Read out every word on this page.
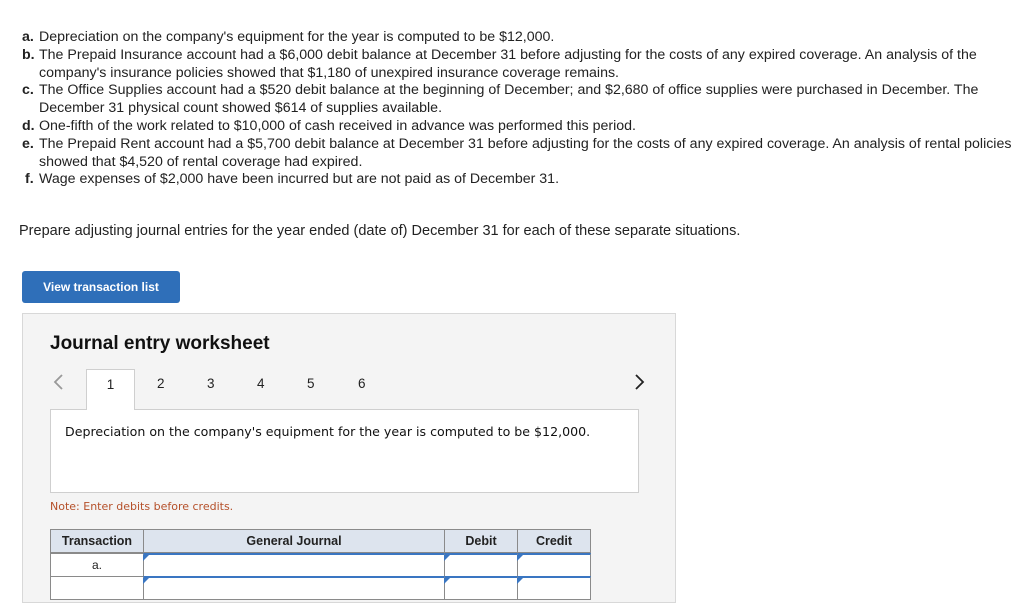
a. Depreciation on the company's equipment for the year is computed to be $12,000.
b. The Prepaid Insurance account had a $6,000 debit balance at December 31 before adjusting for the costs of any expired coverage. An analysis of the company's insurance policies showed that $1,180 of unexpired insurance coverage remains.
c. The Office Supplies account had a $520 debit balance at the beginning of December; and $2,680 of office supplies were purchased in December. The December 31 physical count showed $614 of supplies available.
d. One-fifth of the work related to $10,000 of cash received in advance was performed this period.
e. The Prepaid Rent account had a $5,700 debit balance at December 31 before adjusting for the costs of any expired coverage. An analysis of rental policies showed that $4,520 of rental coverage had expired.
f. Wage expenses of $2,000 have been incurred but are not paid as of December 31.
Prepare adjusting journal entries for the year ended (date of) December 31 for each of these separate situations.
View transaction list
Journal entry worksheet
1	2	3	4	5	6
Depreciation on the company's equipment for the year is computed to be $12,000.
Note: Enter debits before credits.
Transaction	General Journal	Debit	Credit
a.
